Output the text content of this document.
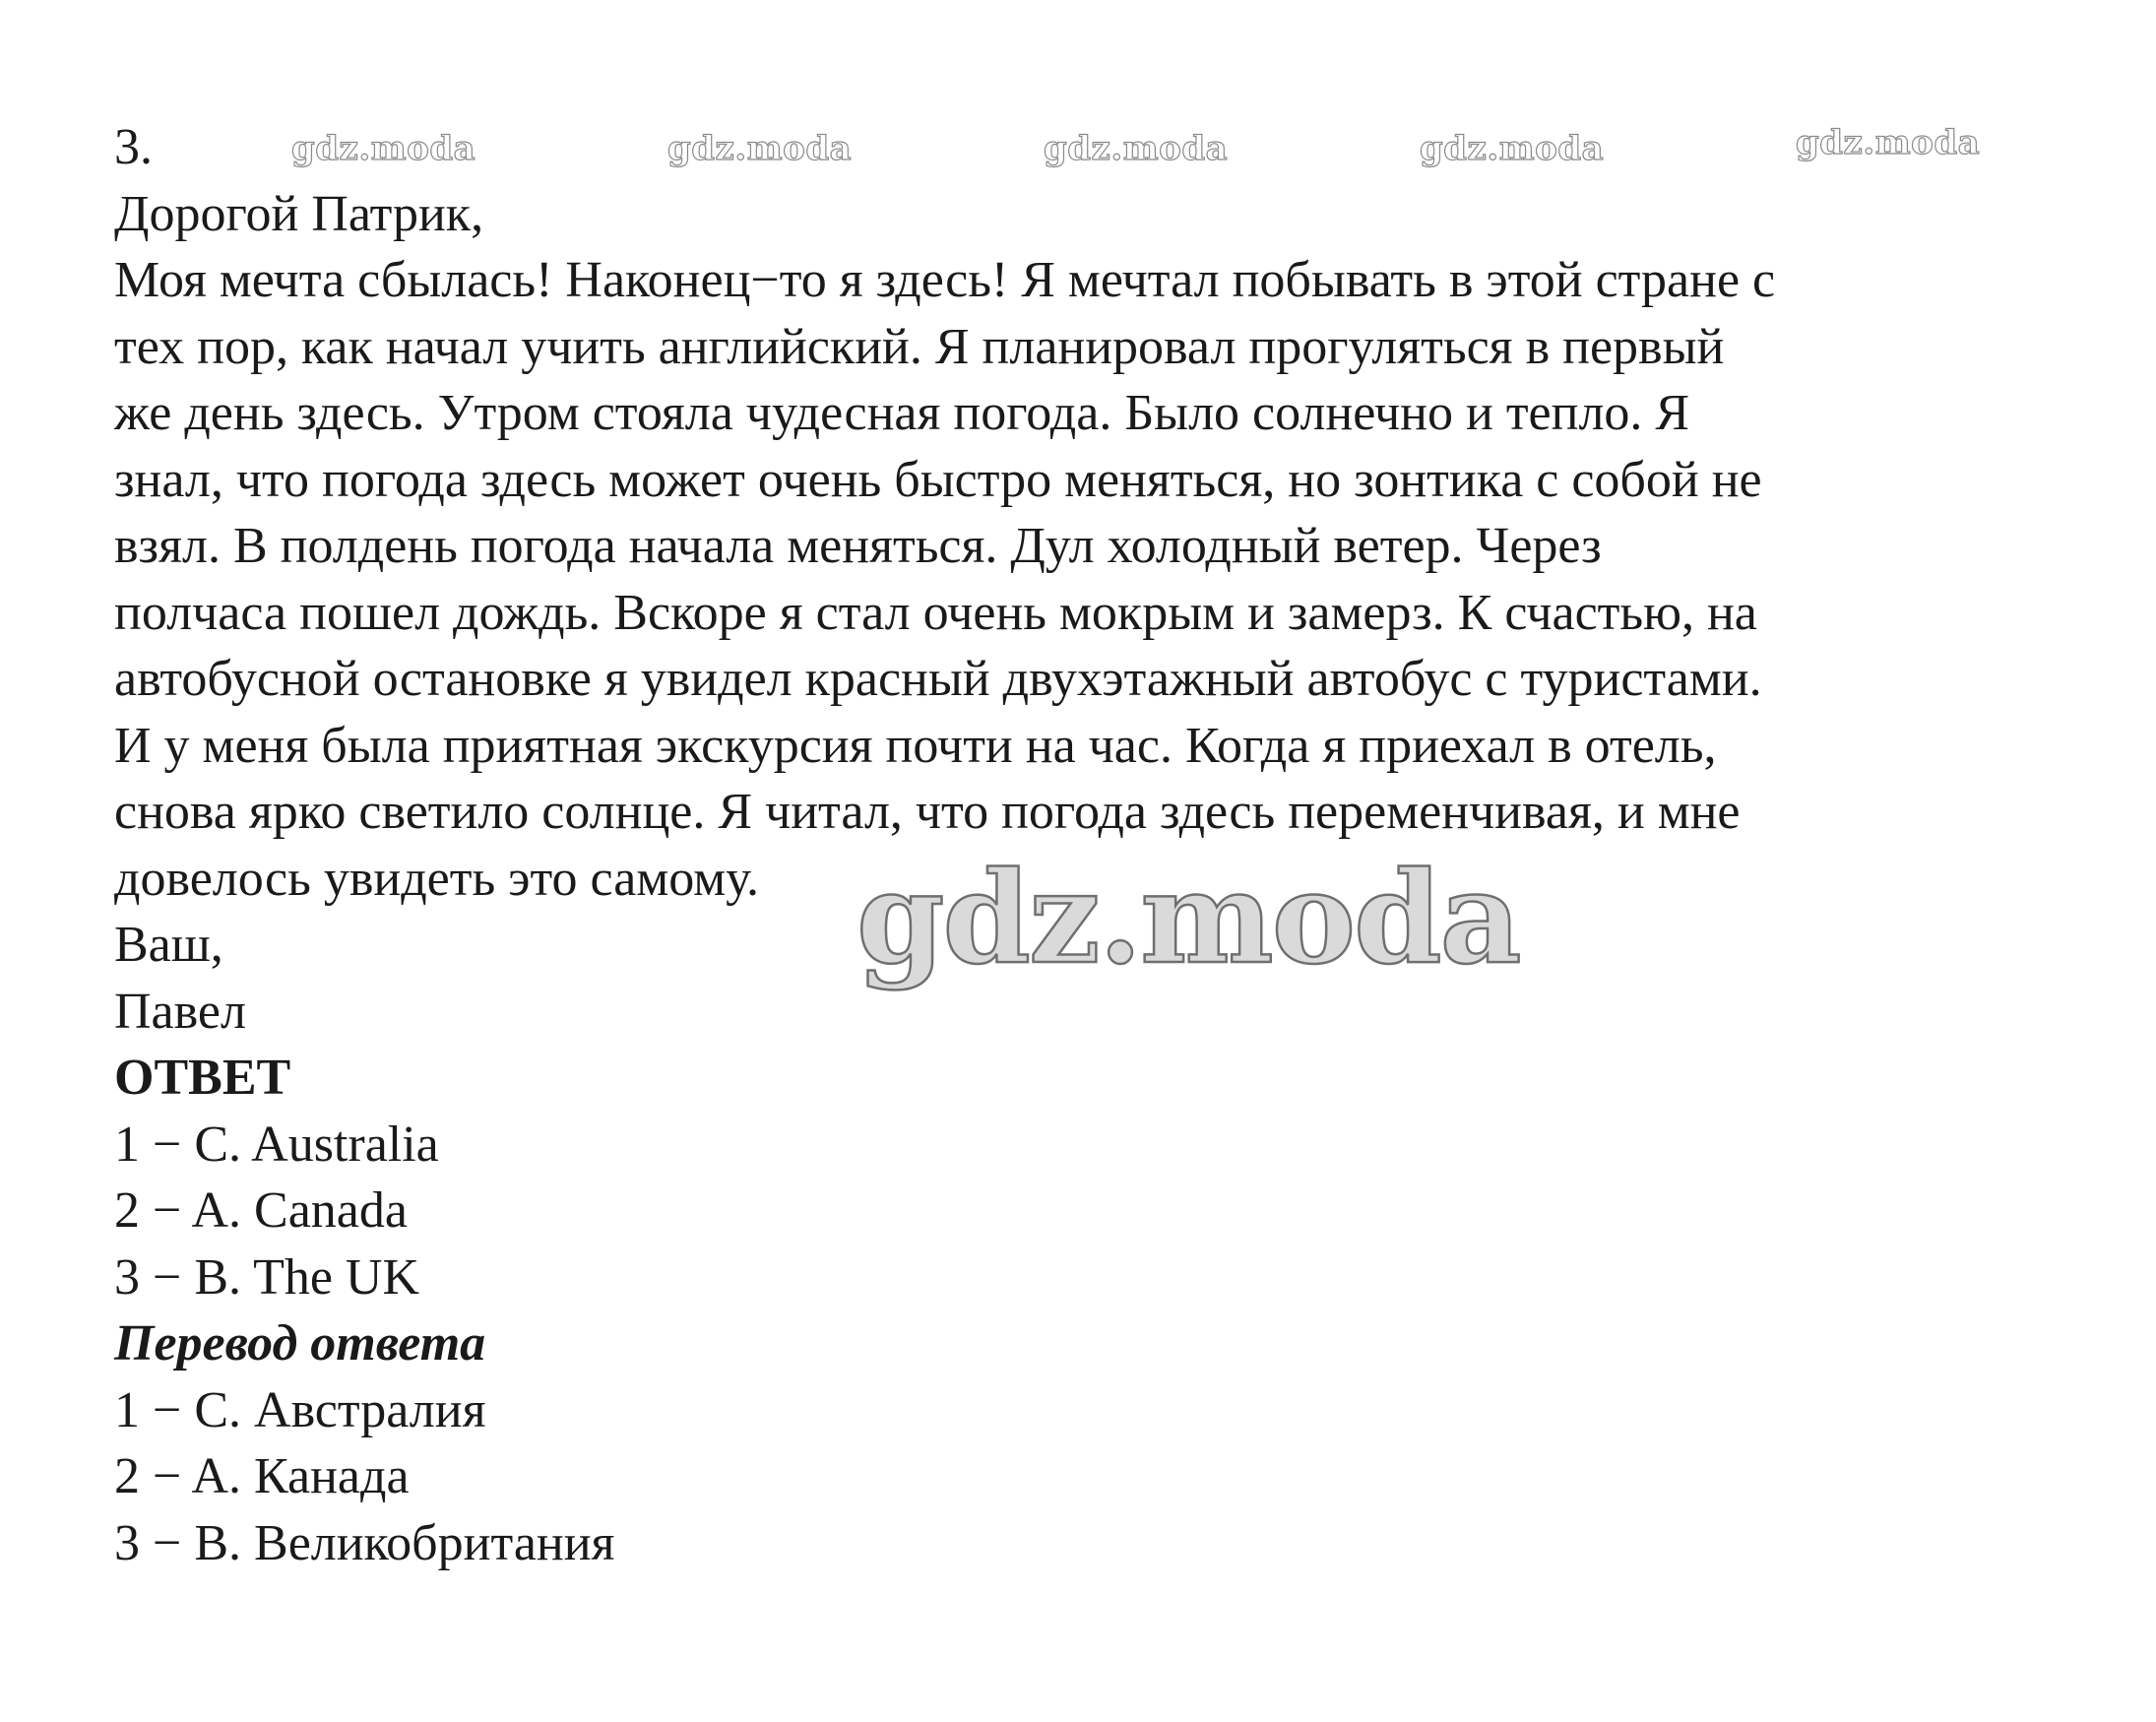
3.	gdz.moda	gdz.moda	gdz.moda	gdz.moda	gdz.moda
Дорогой Патрик,
Моя мечта сбылась! Наконец−то я здесь! Я мечтал побывать в этой стране с
тех пор, как начал учить английский. Я планировал прогуляться в первый
же день здесь. Утром стояла чудесная погода. Было солнечно и тепло. Я
знал, что погода здесь может очень быстро меняться, но зонтика с собой не
взял. В полдень погода начала меняться. Дул холодный ветер. Через
полчаса пошел дождь. Вскоре я стал очень мокрым и замерз. К счастью, на
автобусной остановке я увидел красный двухэтажный автобус с туристами.
И у меня была приятная экскурсия почти на час. Когда я приехал в отель,
снова ярко светило солнце. Я читал, что погода здесь переменчивая, и мне
довелось увидеть это самому.
Ваш,
Павел
ОТВЕТ
1 − C. Australia
2 − A. Canada
3 − B. The UK
Перевод ответа
1 − C. Австралия
2 − A. Канада
3 − B. Великобритания
gdz.moda
